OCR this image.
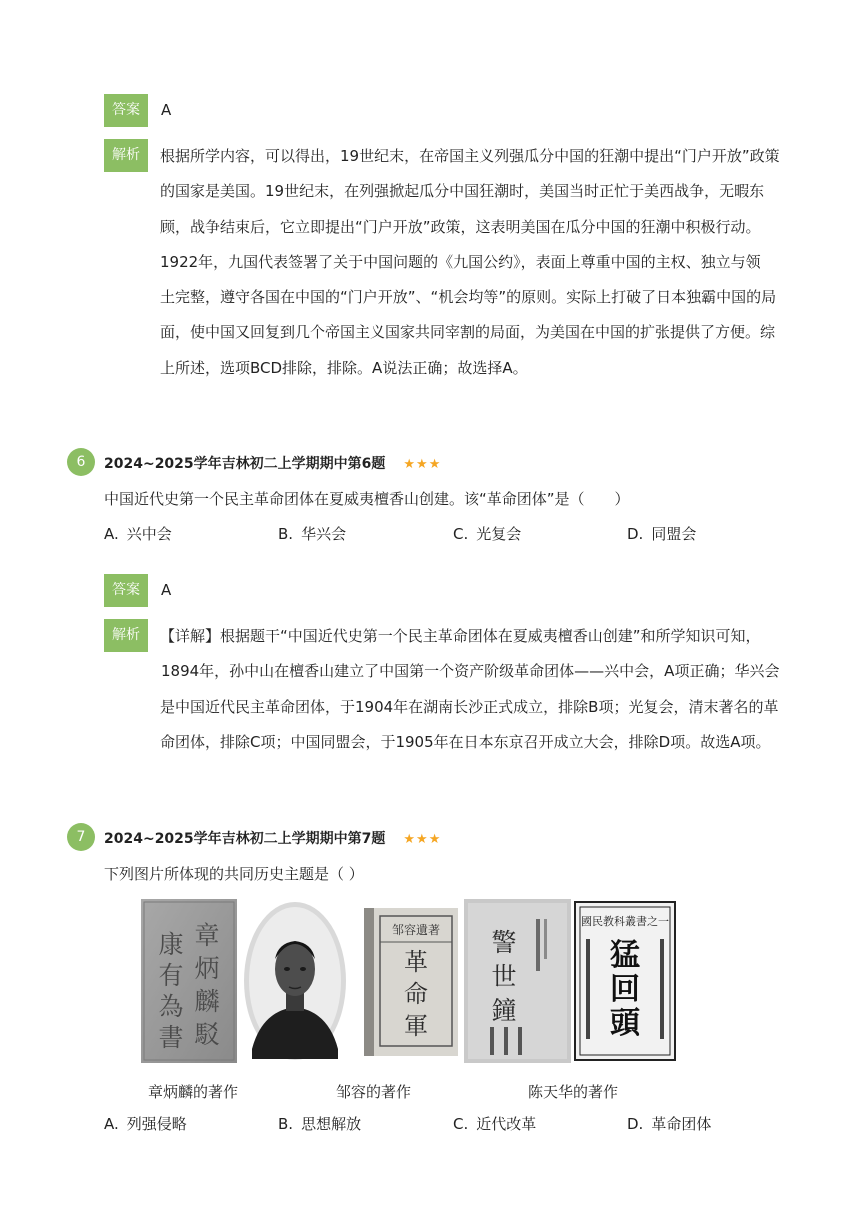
答案	A
解析	根据所学内容，可以得出，19世纪末，在帝国主义列强瓜分中国的狂潮中提出“门户开放”政策
的国家是美国。19世纪末，在列强掀起瓜分中国狂潮时，美国当时正忙于美西战争，无暇东
顾，战争结束后，它立即提出“门户开放”政策，这表明美国在瓜分中国的狂潮中积极行动。
1922年，九国代表签署了关于中国问题的《九国公约》，表面上尊重中国的主权、独立与领
土完整，遵守各国在中国的“门户开放”、“机会均等”的原则。实际上打破了日本独霸中国的局
面，使中国又回复到几个帝国主义国家共同宰割的局面，为美国在中国的扩张提供了方便。综
上所述，选项BCD排除，排除。A说法正确；故选择A。
6	2024~2025学年吉林初二上学期期中第6题 ★★★
中国近代史第一个民主革命团体在夏威夷檀香山创建。该“革命团体”是（　　）
A. 兴中会	B. 华兴会	C. 光复会	D. 同盟会
答案	A
解析	【详解】根据题干“中国近代史第一个民主革命团体在夏威夷檀香山创建”和所学知识可知，
1894年，孙中山在檀香山建立了中国第一个资产阶级革命团体——兴中会，A项正确；华兴会
是中国近代民主革命团体，于1904年在湖南长沙正式成立，排除B项；光复会，清末著名的革
命团体，排除C项；中国同盟会，于1905年在日本东京召开成立大会，排除D项。故选A项。
7	2024~2025学年吉林初二上学期期中第7题 ★★★
下列图片所体现的共同历史主题是（ ）
章
炳
麟
駁
康
有
為
書
邹容遺著
革
命
軍
警
世
鐘
國民教科叢書之一
猛
回
頭
章炳麟的著作	邹容的著作	陈天华的著作
A. 列强侵略	B. 思想解放	C. 近代改革	D. 革命团体
